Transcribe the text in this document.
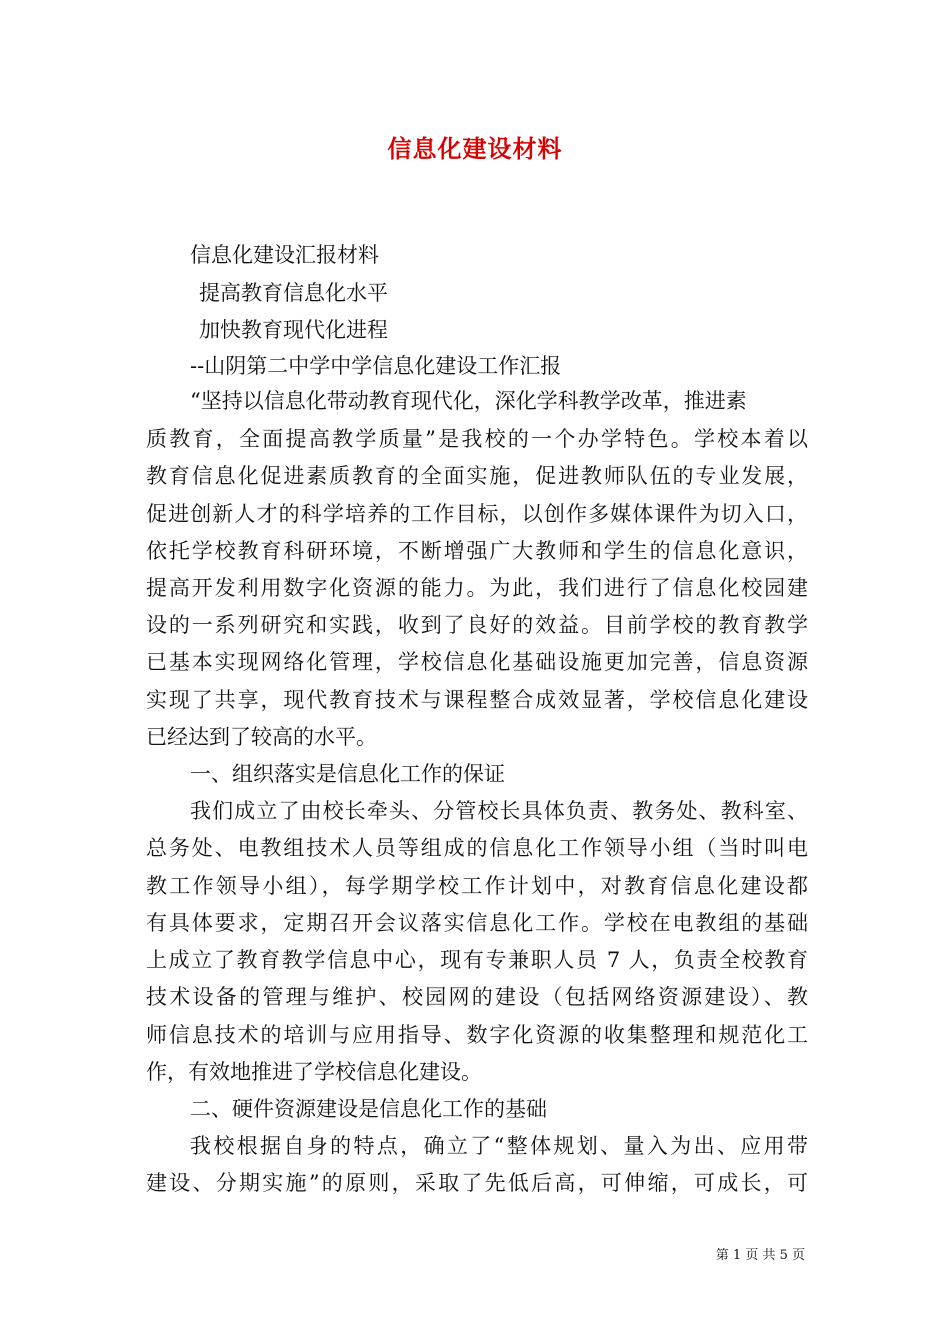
信息化建设材料
信息化建设汇报材料
提高教育信息化水平
加快教育现代化进程
--山阴第二中学中学信息化建设工作汇报
“坚持以信息化带动教育现代化，深化学科教学改革，推进素
质教育，全面提高教学质量”是我校的一个办学特色。学校本着以
教育信息化促进素质教育的全面实施，促进教师队伍的专业发展，
促进创新人才的科学培养的工作目标，以创作多媒体课件为切入口，
依托学校教育科研环境，不断增强广大教师和学生的信息化意识，
提高开发利用数字化资源的能力。为此，我们进行了信息化校园建
设的一系列研究和实践，收到了良好的效益。目前学校的教育教学
已基本实现网络化管理，学校信息化基础设施更加完善，信息资源
实现了共享，现代教育技术与课程整合成效显著，学校信息化建设
已经达到了较高的水平。
一、组织落实是信息化工作的保证
我们成立了由校长牵头、分管校长具体负责、教务处、教科室、
总务处、电教组技术人员等组成的信息化工作领导小组（当时叫电
教工作领导小组），每学期学校工作计划中，对教育信息化建设都
有具体要求，定期召开会议落实信息化工作。学校在电教组的基础
上成立了教育教学信息中心，现有专兼职人员 7 人，负责全校教育
技术设备的管理与维护、校园网的建设（包括网络资源建设）、教
师信息技术的培训与应用指导、数字化资源的收集整理和规范化工
作，有效地推进了学校信息化建设。
二、硬件资源建设是信息化工作的基础
我校根据自身的特点，确立了“整体规划、量入为出、应用带
建设、分期实施”的原则，采取了先低后高，可伸缩，可成长，可
第 1 页 共 5 页
